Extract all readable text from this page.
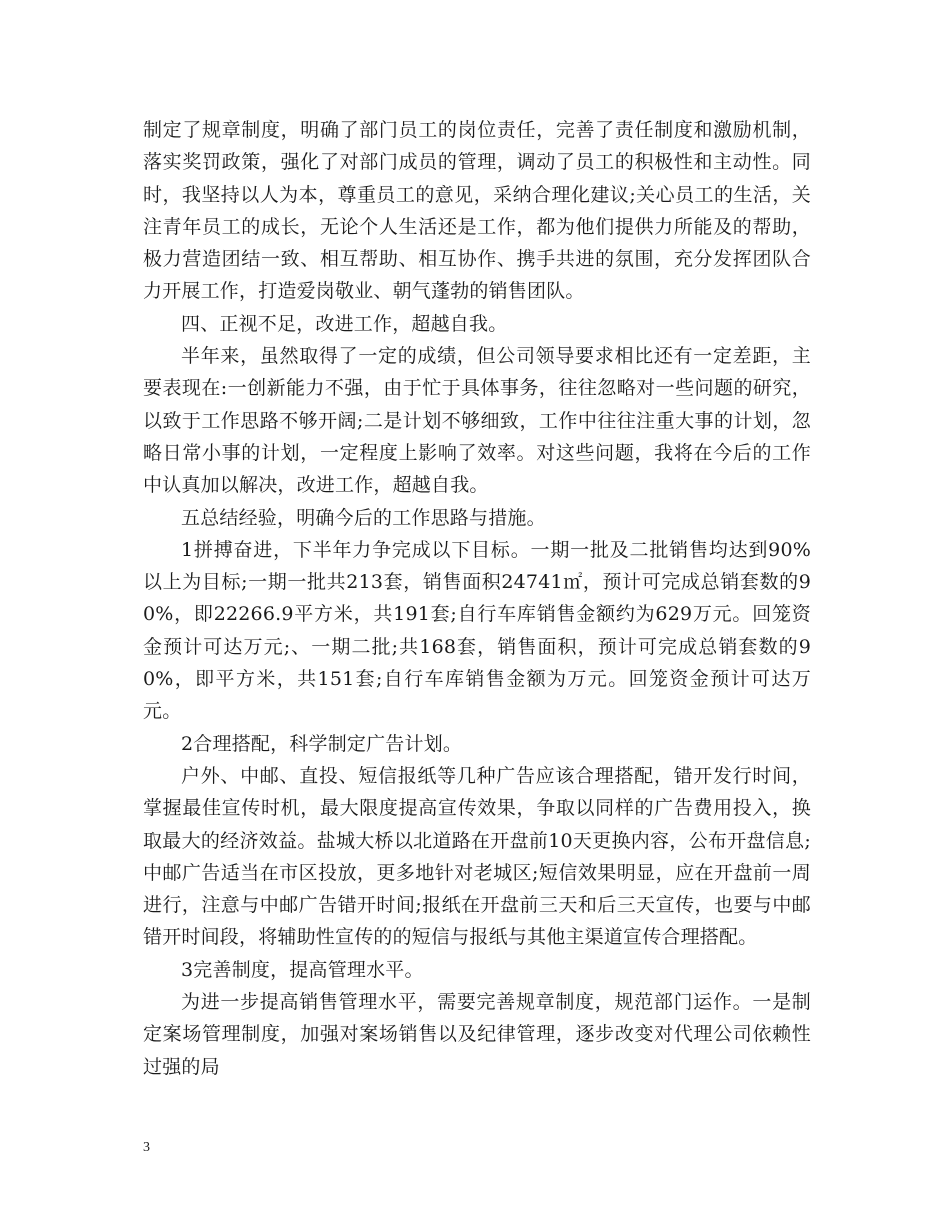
制定了规章制度，明确了部门员工的岗位责任，完善了责任制度和激励机制，落实奖罚政策，强化了对部门成员的管理，调动了员工的积极性和主动性。同时，我坚持以人为本，尊重员工的意见，采纳合理化建议;关心员工的生活，关注青年员工的成长，无论个人生活还是工作，都为他们提供力所能及的帮助，极力营造团结一致、相互帮助、相互协作、携手共进的氛围，充分发挥团队合力开展工作，打造爱岗敬业、朝气蓬勃的销售团队。

四、正视不足，改进工作，超越自我。

半年来，虽然取得了一定的成绩，但公司领导要求相比还有一定差距，主要表现在:一创新能力不强，由于忙于具体事务，往往忽略对一些问题的研究，以致于工作思路不够开阔;二是计划不够细致，工作中往往注重大事的计划，忽略日常小事的计划，一定程度上影响了效率。对这些问题，我将在今后的工作中认真加以解决，改进工作，超越自我。

五总结经验，明确今后的工作思路与措施。

1拼搏奋进，下半年力争完成以下目标。一期一批及二批销售均达到90%以上为目标;一期一批共213套，销售面积24741㎡，预计可完成总销套数的90%，即22266.9平方米，共191套;自行车库销售金额约为629万元。回笼资金预计可达万元;、一期二批;共168套，销售面积，预计可完成总销套数的90%，即平方米，共151套;自行车库销售金额为万元。回笼资金预计可达万元。

2合理搭配，科学制定广告计划。

户外、中邮、直投、短信报纸等几种广告应该合理搭配，错开发行时间，掌握最佳宣传时机，最大限度提高宣传效果，争取以同样的广告费用投入，换取最大的经济效益。盐城大桥以北道路在开盘前10天更换内容，公布开盘信息;中邮广告适当在市区投放，更多地针对老城区;短信效果明显，应在开盘前一周进行，注意与中邮广告错开时间;报纸在开盘前三天和后三天宣传，也要与中邮错开时间段，将辅助性宣传的的短信与报纸与其他主渠道宣传合理搭配。

3完善制度，提高管理水平。

为进一步提高销售管理水平，需要完善规章制度，规范部门运作。一是制定案场管理制度，加强对案场销售以及纪律管理，逐步改变对代理公司依赖性过强的局

3
